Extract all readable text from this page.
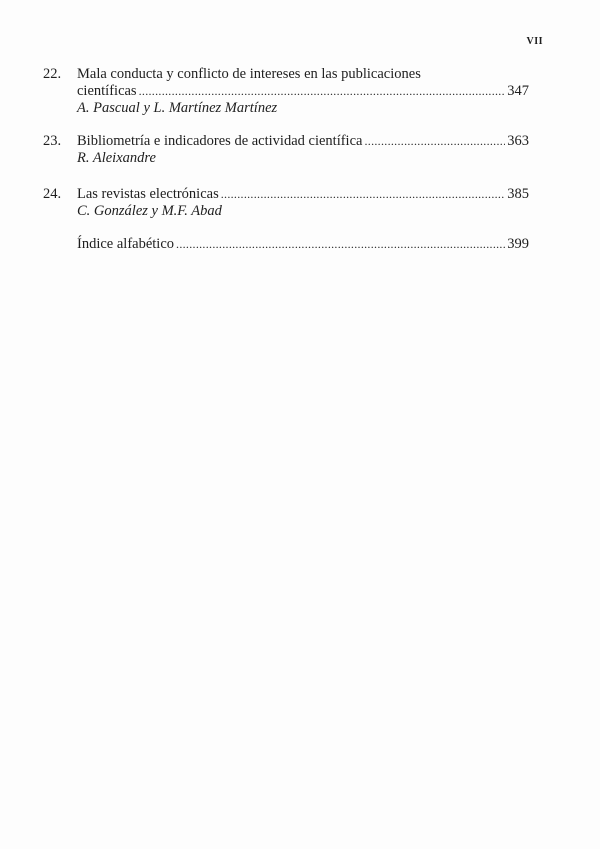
VII
22.	Mala conducta y conflicto de intereses en las publicaciones
científicas .....	347
A. Pascual y L. Martínez Martínez
23.	Bibliometría e indicadores de actividad científica .....	363
R. Aleixandre
24.	Las revistas electrónicas .....	385
C. González y M.F. Abad
Índice alfabético .....	399
